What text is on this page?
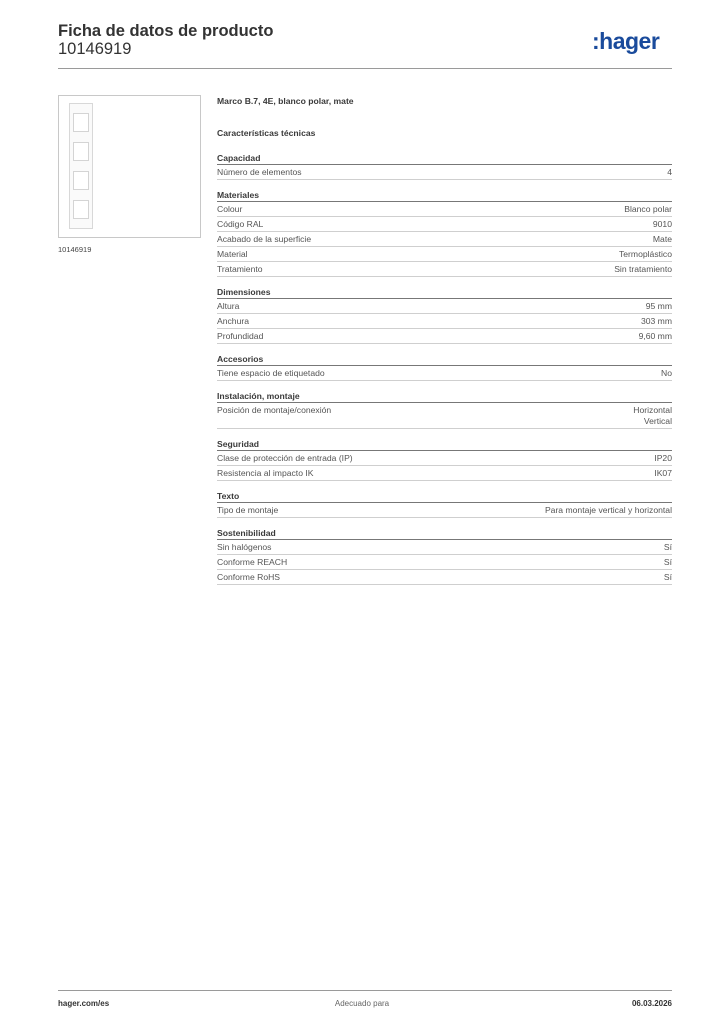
Ficha de datos de producto
10146919	:hager
10146919
Marco B.7, 4E, blanco polar, mate
Características técnicas
Capacidad
Número de elementos	4
Materiales
Colour	Blanco polar
Código RAL	9010
Acabado de la superficie	Mate
Material	Termoplástico
Tratamiento	Sin tratamiento
Dimensiones
Altura	95 mm
Anchura	303 mm
Profundidad	9,60 mm
Accesorios
Tiene espacio de etiquetado	No
Instalación, montaje
Posición de montaje/conexión	Horizontal
Vertical
Seguridad
Clase de protección de entrada (IP)	IP20
Resistencia al impacto IK	IK07
Texto
Tipo de montaje	Para montaje vertical y horizontal
Sostenibilidad
Sin halógenos	Sí
Conforme REACH	Sí
Conforme RoHS	Sí
hager.com/es	Adecuado para	06.03.2026
